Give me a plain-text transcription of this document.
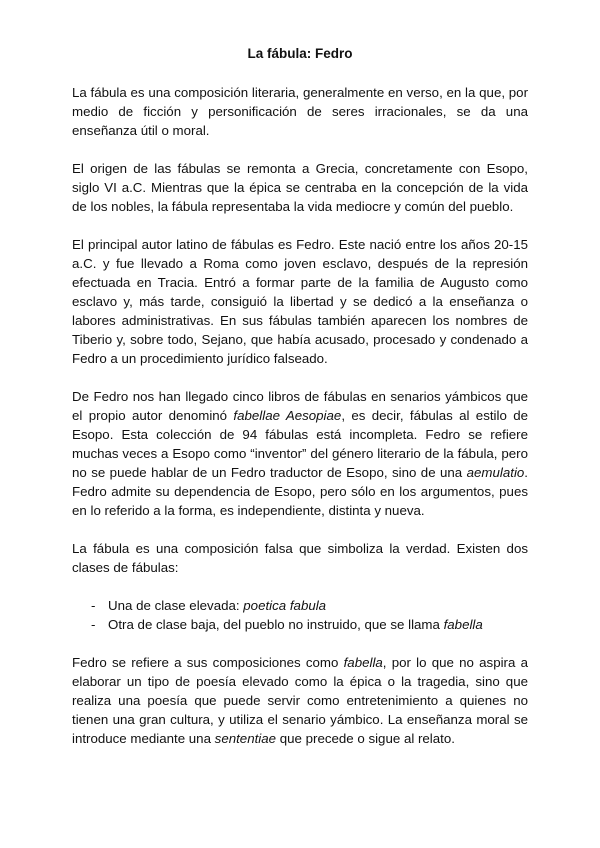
La fábula: Fedro

La fábula es una composición literaria, generalmente en verso, en la que, por medio de ficción y personificación de seres irracionales, se da una enseñanza útil o moral.

El origen de las fábulas se remonta a Grecia, concretamente con Esopo, siglo VI a.C. Mientras que la épica se centraba en la concepción de la vida de los nobles, la fábula representaba la vida mediocre y común del pueblo.

El principal autor latino de fábulas es Fedro. Este nació entre los años 20-15 a.C. y fue llevado a Roma como joven esclavo, después de la represión efectuada en Tracia. Entró a formar parte de la familia de Augusto como esclavo y, más tarde, consiguió la libertad y se dedicó a la enseñanza o labores administrativas. En sus fábulas también aparecen los nombres de Tiberio y, sobre todo, Sejano, que había acusado, procesado y condenado a Fedro a un procedimiento jurídico falseado.

De Fedro nos han llegado cinco libros de fábulas en senarios yámbicos que el propio autor denominó fabellae Aesopiae, es decir, fábulas al estilo de Esopo. Esta colección de 94 fábulas está incompleta. Fedro se refiere muchas veces a Esopo como “inventor” del género literario de la fábula, pero no se puede hablar de un Fedro traductor de Esopo, sino de una aemulatio. Fedro admite su dependencia de Esopo, pero sólo en los argumentos, pues en lo referido a la forma, es independiente, distinta y nueva.

La fábula es una composición falsa que simboliza la verdad. Existen dos clases de fábulas:

- Una de clase elevada: poetica fabula
- Otra de clase baja, del pueblo no instruido, que se llama fabella

Fedro se refiere a sus composiciones como fabella, por lo que no aspira a elaborar un tipo de poesía elevado como la épica o la tragedia, sino que realiza una poesía que puede servir como entretenimiento a quienes no tienen una gran cultura, y utiliza el senario yámbico. La enseñanza moral se introduce mediante una sententiae que precede o sigue al relato.
